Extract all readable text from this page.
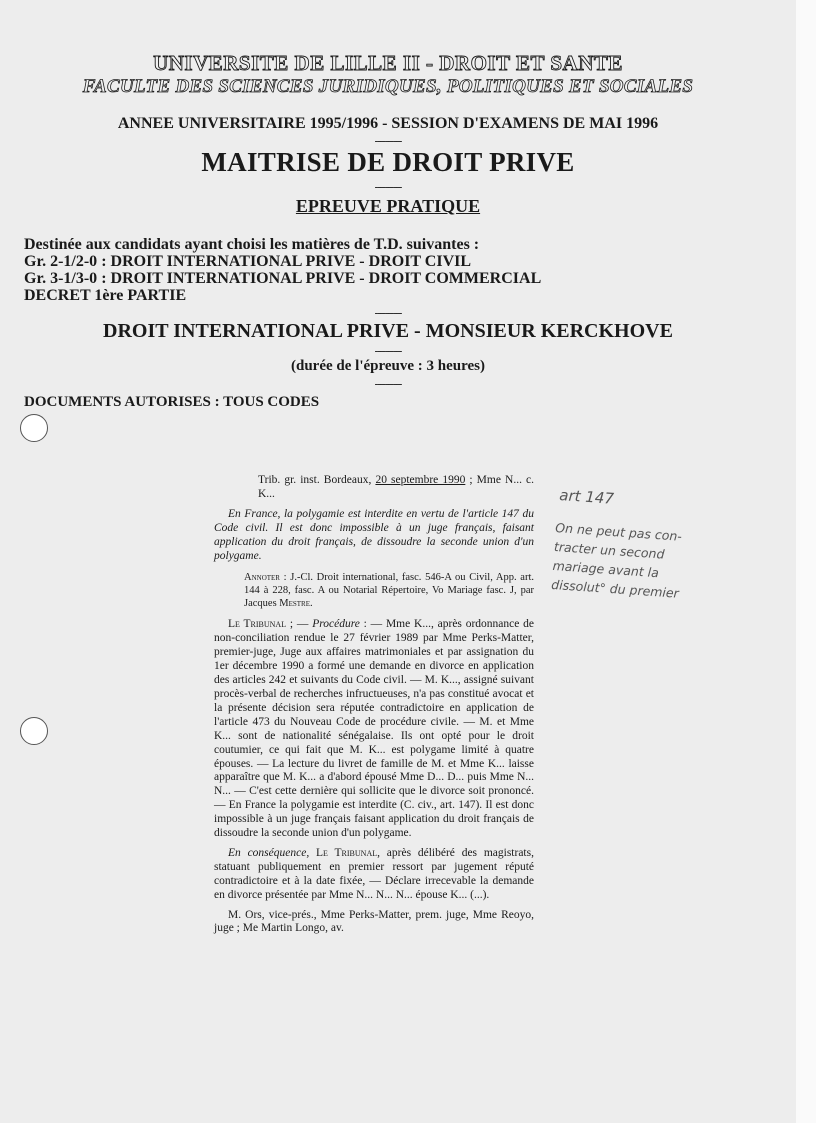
UNIVERSITE DE LILLE II - DROIT ET SANTE
FACULTE DES SCIENCES JURIDIQUES, POLITIQUES ET SOCIALES
ANNEE UNIVERSITAIRE 1995/1996 - SESSION D'EXAMENS DE MAI 1996
----------
MAITRISE DE DROIT PRIVE
----------
EPREUVE PRATIQUE
Destinée aux candidats ayant choisi les matières de T.D. suivantes :
Gr. 2-1/2-0 : DROIT INTERNATIONAL PRIVE - DROIT CIVIL
Gr. 3-1/3-0 : DROIT INTERNATIONAL PRIVE - DROIT COMMERCIAL
DECRET 1ère PARTIE
----------
DROIT INTERNATIONAL PRIVE - MONSIEUR KERCKHOVE
----------
(durée de l'épreuve : 3 heures)
----------
DOCUMENTS AUTORISES : TOUS CODES

Trib. gr. inst. Bordeaux, 20 septembre 1990 ; Mme N... c. K...

En France, la polygamie est interdite en vertu de l'article 147 du Code civil. Il est donc impossible à un juge français, faisant application du droit français, de dissoudre la seconde union d'un polygame.

Annoter : J.-Cl. Droit international, fasc. 546-A ou Civil, App. art. 144 à 228, fasc. A ou Notarial Répertoire, Vo Mariage fasc. J, par Jacques Mestre.

Le Tribunal ; — Procédure : — Mme K..., après ordonnance de non-conciliation rendue le 27 février 1989 par Mme Perks-Matter, premier-juge, Juge aux affaires matrimoniales et par assignation du 1er décembre 1990 a formé une demande en divorce en application des articles 242 et suivants du Code civil. — M. K..., assigné suivant procès-verbal de recherches infructueuses, n'a pas constitué avocat et la présente décision sera réputée contradictoire en application de l'article 473 du Nouveau Code de procédure civile. — M. et Mme K... sont de nationalité sénégalaise. Ils ont opté pour le droit coutumier, ce qui fait que M. K... est polygame limité à quatre épouses. — La lecture du livret de famille de M. et Mme K... laisse apparaître que M. K... a d'abord épousé Mme D... D... puis Mme N... N... — C'est cette dernière qui sollicite que le divorce soit prononcé. — En France la polygamie est interdite (C. civ., art. 147). Il est donc impossible à un juge français faisant application du droit français de dissoudre la seconde union d'un polygame.

En conséquence, Le Tribunal, après délibéré des magistrats, statuant publiquement en premier ressort par jugement réputé contradictoire et à la date fixée, — Déclare irrecevable la demande en divorce présentée par Mme N... N... N... épouse K... (...).

M. Ors, vice-prés., Mme Perks-Matter, prem. juge, Mme Reoyo, juge ; Me Martin Longo, av.

art 147
On ne peut pas con-
tracter un second
mariage avant la
dissolut° du premier
